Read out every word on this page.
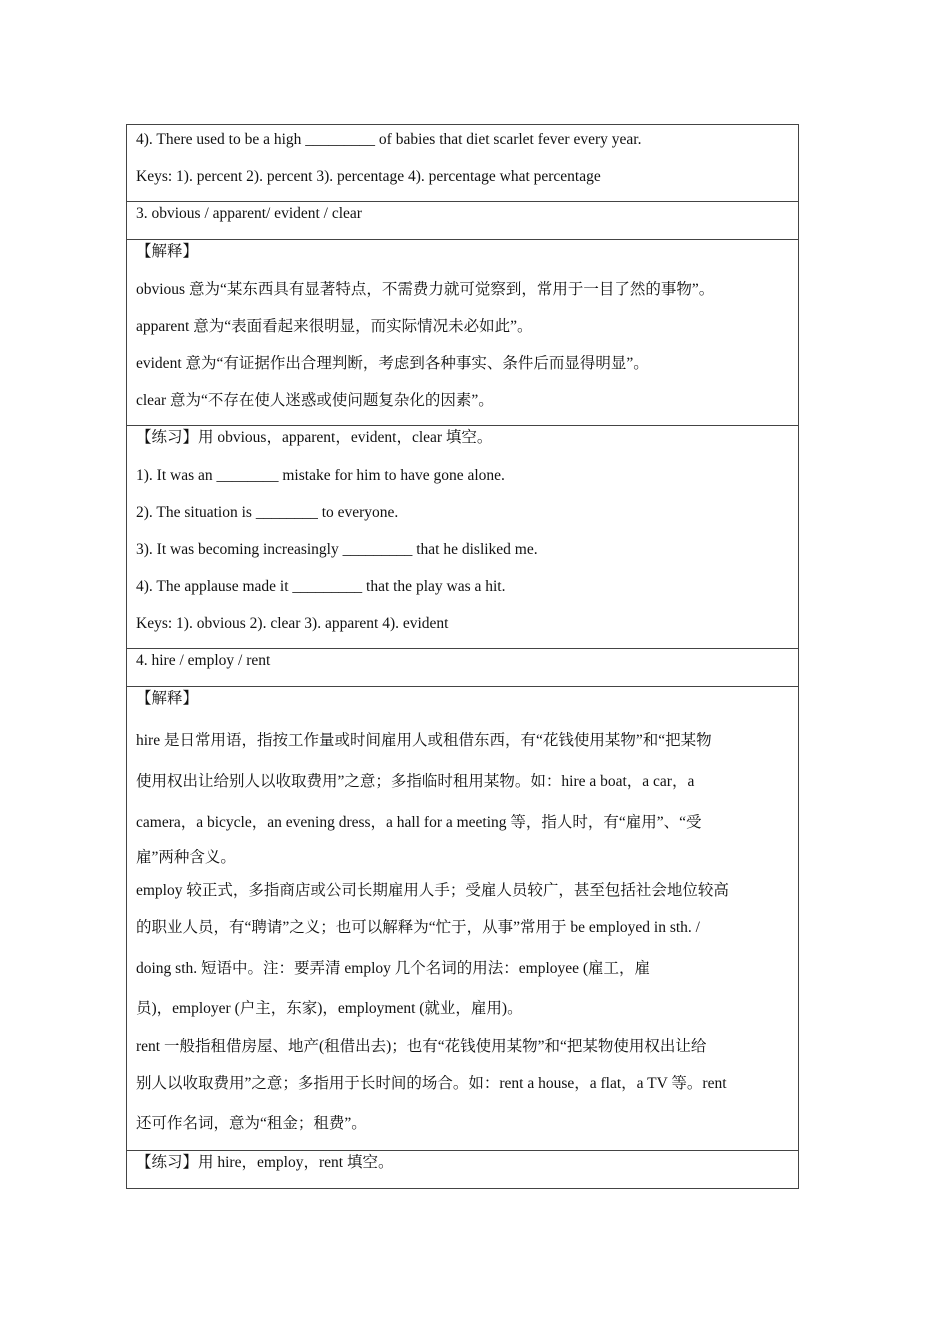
4). There used to be a high _________ of babies that diet scarlet fever every year.
Keys: 1). percent 2). percent 3). percentage 4). percentage what percentage
3. obvious / apparent/ evident / clear
【解释】
obvious 意为“某东西具有显著特点，不需费力就可觉察到，常用于一目了然的事物”。
apparent 意为“表面看起来很明显，而实际情况未必如此”。
evident 意为“有证据作出合理判断，考虑到各种事实、条件后而显得明显”。
clear 意为“不存在使人迷惑或使问题复杂化的因素”。
【练习】用 obvious，apparent，evident，clear 填空。
1). It was an ________ mistake for him to have gone alone.
2). The situation is ________ to everyone.
3). It was becoming increasingly _________ that he disliked me.
4). The applause made it _________ that the play was a hit.
Keys: 1). obvious 2). clear 3). apparent 4). evident
4. hire / employ / rent
【解释】
hire 是日常用语，指按工作量或时间雇用人或租借东西，有“花钱使用某物”和“把某物
使用权出让给别人以收取费用”之意；多指临时租用某物。如：hire a boat，a car，a
camera，a bicycle，an evening dress，a hall for a meeting 等，指人时，有“雇用”、“受
雇”两种含义。
employ 较正式，多指商店或公司长期雇用人手；受雇人员较广，甚至包括社会地位较高
的职业人员，有“聘请”之义；也可以解释为“忙于，从事”常用于 be employed in sth. /
doing sth. 短语中。注：要弄清 employ 几个名词的用法：employee (雇工，雇
员)，employer (户主，东家)，employment (就业，雇用)。
rent 一般指租借房屋、地产(租借出去)；也有“花钱使用某物”和“把某物使用权出让给
别人以收取费用”之意；多指用于长时间的场合。如：rent a house，a flat，a TV 等。rent
还可作名词，意为“租金；租费”。
【练习】用 hire，employ，rent 填空。
